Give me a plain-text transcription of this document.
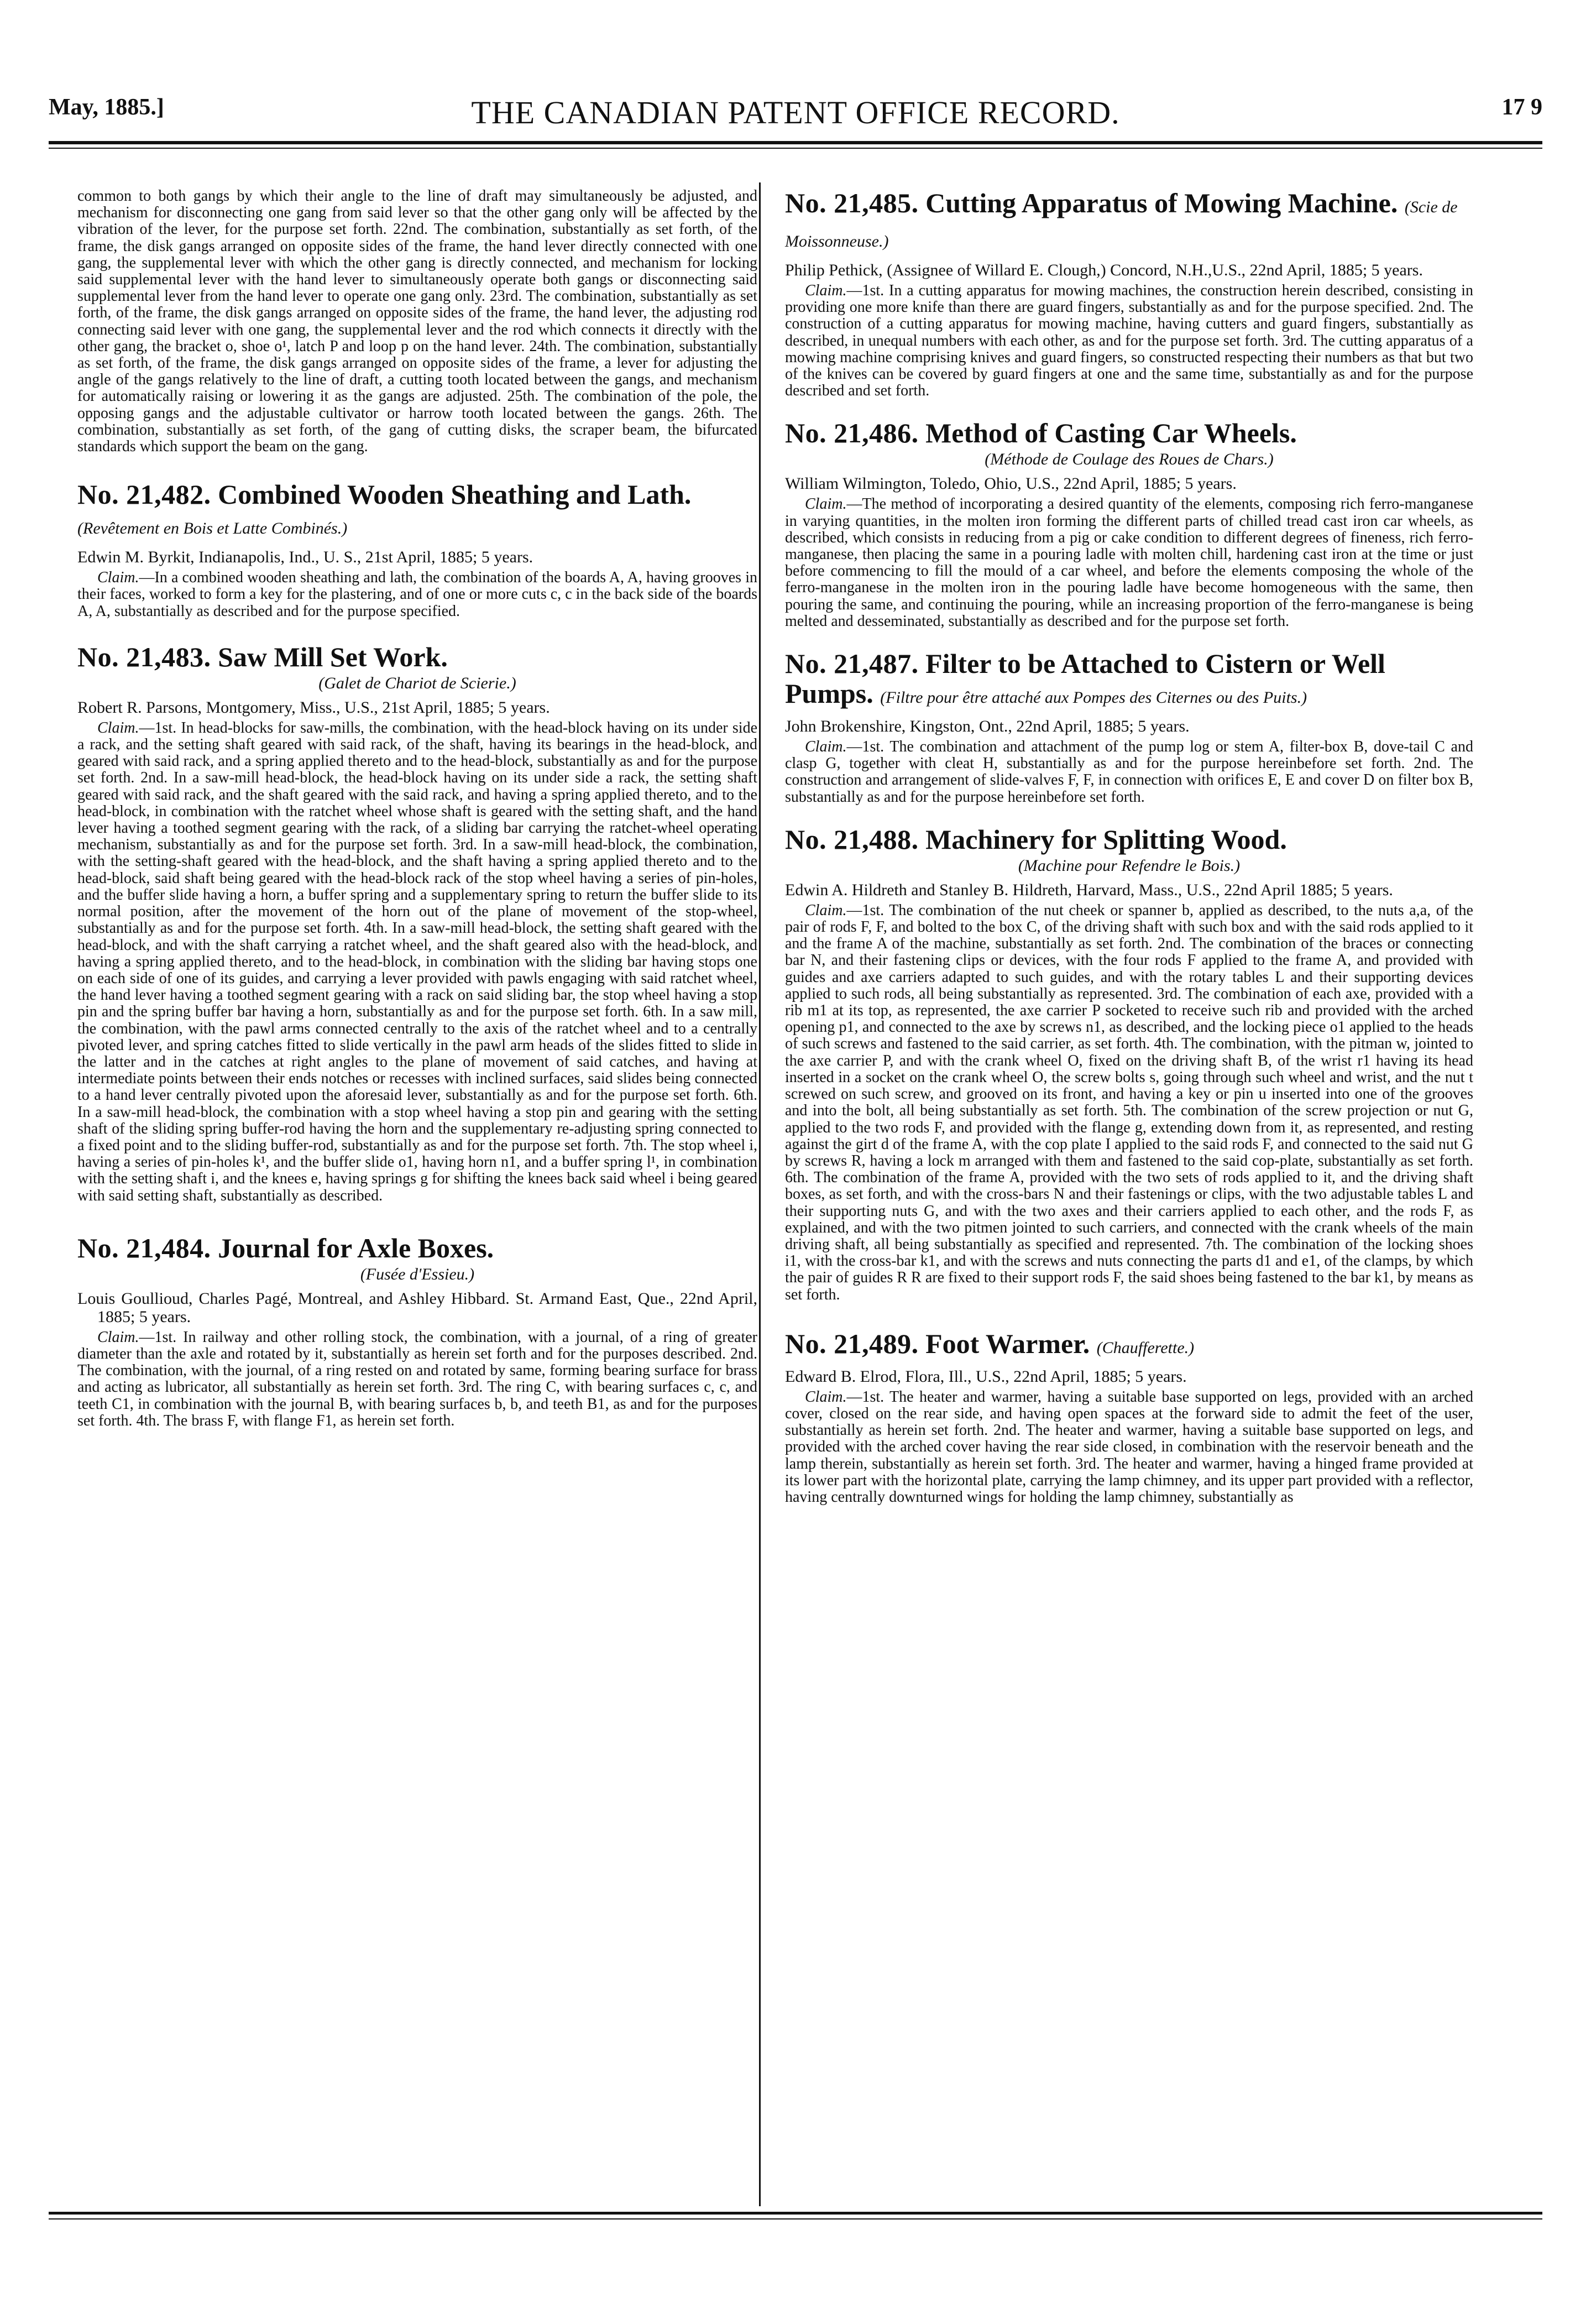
May, 1885.]	THE CANADIAN PATENT OFFICE RECORD.	17 9

common to both gangs by which their angle to the line of draft may simultaneously be adjusted, and mechanism for disconnecting one gang from said lever so that the other gang only will be affected by the vibration of the lever, for the purpose set forth. 22nd. The combination, substantially as set forth, of the frame, the disk gangs arranged on opposite sides of the frame, the hand lever directly connected with one gang, the supplemental lever with which the other gang is directly connected, and mechanism for locking said supplemental lever with the hand lever to simultaneously operate both gangs or disconnecting said supplemental lever from the hand lever to operate one gang only. 23rd. The combination, substantially as set forth, of the frame, the disk gangs arranged on opposite sides of the frame, the hand lever, the adjusting rod connecting said lever with one gang, the supplemental lever and the rod which connects it directly with the other gang, the bracket o, shoe o¹, latch P and loop p on the hand lever. 24th. The combination, substantially as set forth, of the frame, the disk gangs arranged on opposite sides of the frame, a lever for adjusting the angle of the gangs relatively to the line of draft, a cutting tooth located between the gangs, and mechanism for automatically raising or lowering it as the gangs are adjusted. 25th. The combination of the pole, the opposing gangs and the adjustable cultivator or harrow tooth located between the gangs. 26th. The combination, substantially as set forth, of the gang of cutting disks, the scraper beam, the bifurcated standards which support the beam on the gang.

No. 21,482. Combined Wooden Sheathing and Lath. (Revêtement en Bois et Latte Combinés.)

Edwin M. Byrkit, Indianapolis, Ind., U. S., 21st April, 1885; 5 years.

Claim.—In a combined wooden sheathing and lath, the combination of the boards A, A, having grooves in their faces, worked to form a key for the plastering, and of one or more cuts c, c in the back side of the boards A, A, substantially as described and for the purpose specified.

No. 21,483. Saw Mill Set Work.

(Galet de Chariot de Scierie.)

Robert R. Parsons, Montgomery, Miss., U.S., 21st April, 1885; 5 years.

Claim.—1st. In head-blocks for saw-mills, the combination, with the head-block having on its under side a rack, and the setting shaft geared with said rack, of the shaft, having its bearings in the head-block, and geared with said rack, and a spring applied thereto and to the head-block, substantially as and for the purpose set forth. 2nd. In a saw-mill head-block, the head-block having on its under side a rack, the setting shaft geared with said rack, and the shaft geared with the said rack, and having a spring applied thereto, and to the head-block, in combination with the ratchet wheel whose shaft is geared with the setting shaft, and the hand lever having a toothed segment gearing with the rack, of a sliding bar carrying the ratchet-wheel operating mechanism, substantially as and for the purpose set forth. 3rd. In a saw-mill head-block, the combination, with the setting-shaft geared with the head-block, and the shaft having a spring applied thereto and to the head-block, said shaft being geared with the head-block rack of the stop wheel having a series of pin-holes, and the buffer slide having a horn, a buffer spring and a supplementary spring to return the buffer slide to its normal position, after the movement of the horn out of the plane of movement of the stop-wheel, substantially as and for the purpose set forth. 4th. In a saw-mill head-block, the setting shaft geared with the head-block, and with the shaft carrying a ratchet wheel, and the shaft geared also with the head-block, and having a spring applied thereto, and to the head-block, in combination with the sliding bar having stops one on each side of one of its guides, and carrying a lever provided with pawls engaging with said ratchet wheel, the hand lever having a toothed segment gearing with a rack on said sliding bar, the stop wheel having a stop pin and the spring buffer bar having a horn, substantially as and for the purpose set forth. 6th. In a saw mill, the combination, with the pawl arms connected centrally to the axis of the ratchet wheel and to a centrally pivoted lever, and spring catches fitted to slide vertically in the pawl arm heads of the slides fitted to slide in the latter and in the catches at right angles to the plane of movement of said catches, and having at intermediate points between their ends notches or recesses with inclined surfaces, said slides being connected to a hand lever centrally pivoted upon the aforesaid lever, substantially as and for the purpose set forth. 6th. In a saw-mill head-block, the combination with a stop wheel having a stop pin and gearing with the setting shaft of the sliding spring buffer-rod having the horn and the supplementary re-adjusting spring connected to a fixed point and to the sliding buffer-rod, substantially as and for the purpose set forth. 7th. The stop wheel i, having a series of pin-holes k¹, and the buffer slide o1, having horn n1, and a buffer spring l¹, in combination with the setting shaft i, and the knees e, having springs g for shifting the knees back said wheel i being geared with said setting shaft, substantially as described.

No. 21,484. Journal for Axle Boxes.

(Fusée d'Essieu.)

Louis Goullioud, Charles Pagé, Montreal, and Ashley Hibbard. St. Armand East, Que., 22nd April, 1885; 5 years.

Claim.—1st. In railway and other rolling stock, the combination, with a journal, of a ring of greater diameter than the axle and rotated by it, substantially as herein set forth and for the purposes described. 2nd. The combination, with the journal, of a ring rested on and rotated by same, forming bearing surface for brass and acting as lubricator, all substantially as herein set forth. 3rd. The ring C, with bearing surfaces c, c, and teeth C1, in combination with the journal B, with bearing surfaces b, b, and teeth B1, as and for the purposes set forth. 4th. The brass F, with flange F1, as herein set forth.

No. 21,485. Cutting Apparatus of Mowing Machine. (Scie de Moissonneuse.)

Philip Pethick, (Assignee of Willard E. Clough,) Concord, N.H.,U.S., 22nd April, 1885; 5 years.

Claim.—1st. In a cutting apparatus for mowing machines, the construction herein described, consisting in providing one more knife than there are guard fingers, substantially as and for the purpose specified. 2nd. The construction of a cutting apparatus for mowing machine, having cutters and guard fingers, substantially as described, in unequal numbers with each other, as and for the purpose set forth. 3rd. The cutting apparatus of a mowing machine comprising knives and guard fingers, so constructed respecting their numbers as that but two of the knives can be covered by guard fingers at one and the same time, substantially as and for the purpose described and set forth.

No. 21,486. Method of Casting Car Wheels.

(Méthode de Coulage des Roues de Chars.)

William Wilmington, Toledo, Ohio, U.S., 22nd April, 1885; 5 years.

Claim.—The method of incorporating a desired quantity of the elements, composing rich ferro-manganese in varying quantities, in the molten iron forming the different parts of chilled tread cast iron car wheels, as described, which consists in reducing from a pig or cake condition to different degrees of fineness, rich ferro-manganese, then placing the same in a pouring ladle with molten chill, hardening cast iron at the time or just before commencing to fill the mould of a car wheel, and before the elements composing the whole of the ferro-manganese in the molten iron in the pouring ladle have become homogeneous with the same, then pouring the same, and continuing the pouring, while an increasing proportion of the ferro-manganese is being melted and desseminated, substantially as described and for the purpose set forth.

No. 21,487. Filter to be Attached to Cistern or Well Pumps. (Filtre pour être attaché aux Pompes des Citernes ou des Puits.)

John Brokenshire, Kingston, Ont., 22nd April, 1885; 5 years.

Claim.—1st. The combination and attachment of the pump log or stem A, filter-box B, dove-tail C and clasp G, together with cleat H, substantially as and for the purpose hereinbefore set forth. 2nd. The construction and arrangement of slide-valves F, F, in connection with orifices E, E and cover D on filter box B, substantially as and for the purpose hereinbefore set forth.

No. 21,488. Machinery for Splitting Wood.

(Machine pour Refendre le Bois.)

Edwin A. Hildreth and Stanley B. Hildreth, Harvard, Mass., U.S., 22nd April 1885; 5 years.

Claim.—1st. The combination of the nut cheek or spanner b, applied as described, to the nuts a,a, of the pair of rods F, F, and bolted to the box C, of the driving shaft with such box and with the said rods applied to it and the frame A of the machine, substantially as set forth. 2nd. The combination of the braces or connecting bar N, and their fastening clips or devices, with the four rods F applied to the frame A, and provided with guides and axe carriers adapted to such guides, and with the rotary tables L and their supporting devices applied to such rods, all being substantially as represented. 3rd. The combination of each axe, provided with a rib m1 at its top, as represented, the axe carrier P socketed to receive such rib and provided with the arched opening p1, and connected to the axe by screws n1, as described, and the locking piece o1 applied to the heads of such screws and fastened to the said carrier, as set forth. 4th. The combination, with the pitman w, jointed to the axe carrier P, and with the crank wheel O, fixed on the driving shaft B, of the wrist r1 having its head inserted in a socket on the crank wheel O, the screw bolts s, going through such wheel and wrist, and the nut t screwed on such screw, and grooved on its front, and having a key or pin u inserted into one of the grooves and into the bolt, all being substantially as set forth. 5th. The combination of the screw projection or nut G, applied to the two rods F, and provided with the flange g, extending down from it, as represented, and resting against the girt d of the frame A, with the cop plate I applied to the said rods F, and connected to the said nut G by screws R, having a lock m arranged with them and fastened to the said cop-plate, substantially as set forth. 6th. The combination of the frame A, provided with the two sets of rods applied to it, and the driving shaft boxes, as set forth, and with the cross-bars N and their fastenings or clips, with the two adjustable tables L and their supporting nuts G, and with the two axes and their carriers applied to each other, and the rods F, as explained, and with the two pitmen jointed to such carriers, and connected with the crank wheels of the main driving shaft, all being substantially as specified and represented. 7th. The combination of the locking shoes i1, with the cross-bar k1, and with the screws and nuts connecting the parts d1 and e1, of the clamps, by which the pair of guides R R are fixed to their support rods F, the said shoes being fastened to the bar k1, by means as set forth.

No. 21,489. Foot Warmer. (Chaufferette.)

Edward B. Elrod, Flora, Ill., U.S., 22nd April, 1885; 5 years.

Claim.—1st. The heater and warmer, having a suitable base supported on legs, provided with an arched cover, closed on the rear side, and having open spaces at the forward side to admit the feet of the user, substantially as herein set forth. 2nd. The heater and warmer, having a suitable base supported on legs, and provided with the arched cover having the rear side closed, in combination with the reservoir beneath and the lamp therein, substantially as herein set forth. 3rd. The heater and warmer, having a hinged frame provided at its lower part with the horizontal plate, carrying the lamp chimney, and its upper part provided with a reflector, having centrally downturned wings for holding the lamp chimney, substantially as
